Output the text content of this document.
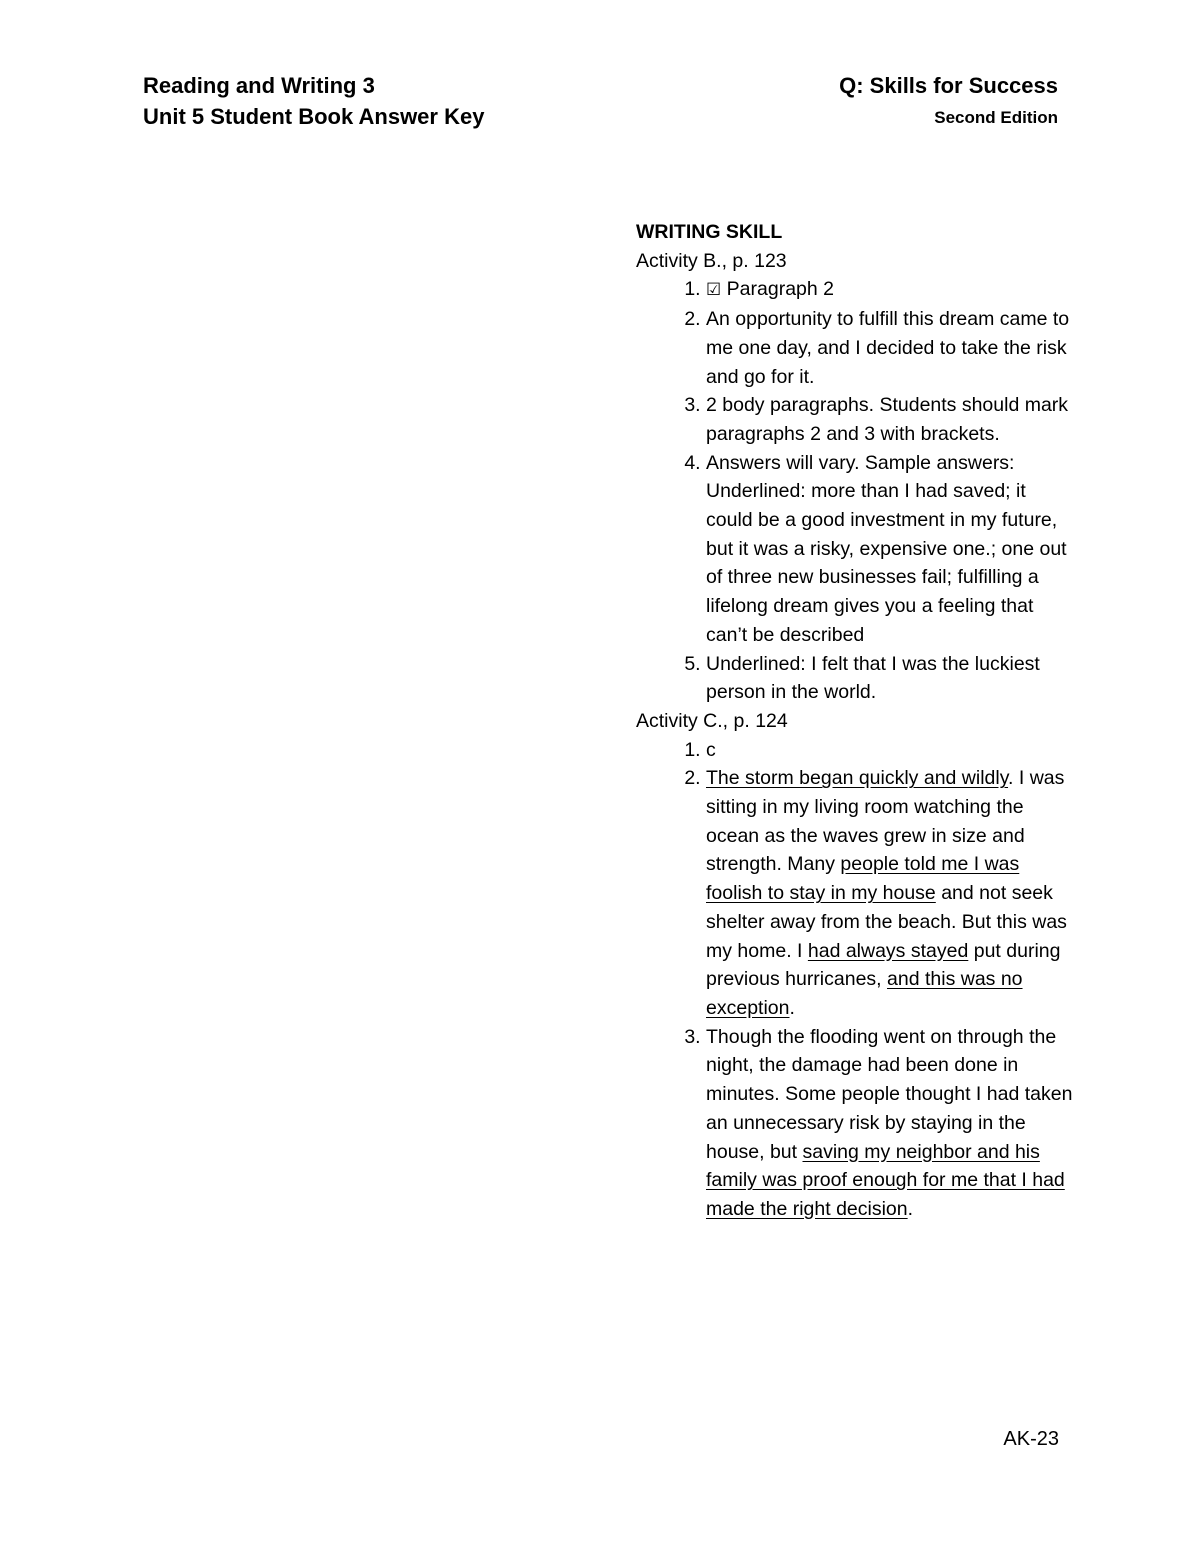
Reading and Writing 3
Unit 5 Student Book Answer Key
Q: Skills for Success
Second Edition
WRITING SKILL
Activity B., p. 123
1. ☑ Paragraph 2
2. An opportunity to fulfill this dream came to me one day, and I decided to take the risk and go for it.
3. 2 body paragraphs. Students should mark paragraphs 2 and 3 with brackets.
4. Answers will vary. Sample answers: Underlined: more than I had saved; it could be a good investment in my future, but it was a risky, expensive one.; one out of three new businesses fail; fulfilling a lifelong dream gives you a feeling that can’t be described
5. Underlined: I felt that I was the luckiest person in the world.
Activity C., p. 124
1. c
2. The storm began quickly and wildly. I was sitting in my living room watching the ocean as the waves grew in size and strength. Many people told me I was foolish to stay in my house and not seek shelter away from the beach. But this was my home. I had always stayed put during previous hurricanes, and this was no exception.
3. Though the flooding went on through the night, the damage had been done in minutes. Some people thought I had taken an unnecessary risk by staying in the house, but saving my neighbor and his family was proof enough for me that I had made the right decision.
AK-23
